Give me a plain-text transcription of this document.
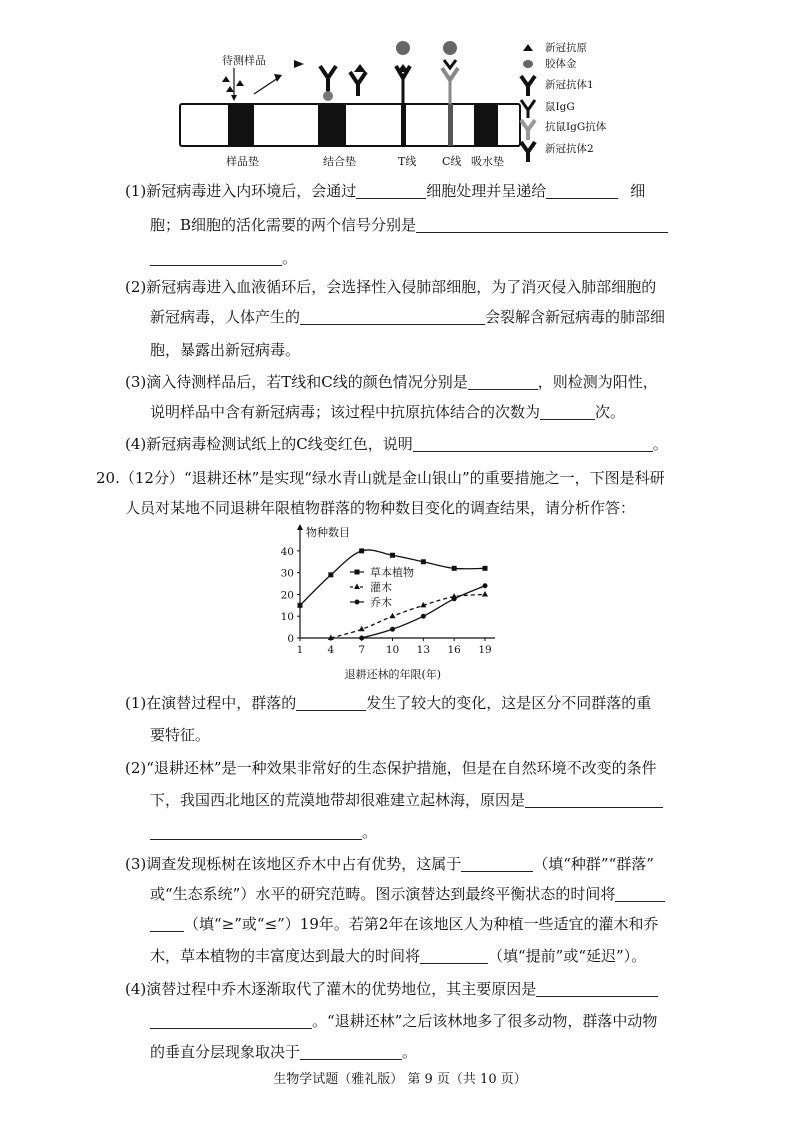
待测样品
样品垫	结合垫	T线 C线 吸水垫
新冠抗原
胶体金
新冠抗体1
鼠IgG
抗鼠IgG抗体
新冠抗体2
(1)新冠病毒进入内环境后，会通过	细胞处理并呈递给	细
胞；B细胞的活化需要的两个信号分别是
。
(2)新冠病毒进入血液循环后，会选择性入侵肺部细胞，为了消灭侵入肺部细胞的
新冠病毒，人体产生的	会裂解含新冠病毒的肺部细
胞，暴露出新冠病毒。
(3)滴入待测样品后，若T线和C线的颜色情况分别是	，则检测为阳性，
说明样品中含有新冠病毒；该过程中抗原抗体结合的次数为	次。
(4)新冠病毒检测试纸上的C线变红色，说明	。
20.（12分）“退耕还林”是实现“绿水青山就是金山银山”的重要措施之一，下图是科研
人员对某地不同退耕年限植物群落的物种数目变化的调查结果，请分析作答：
物种数目
退耕还林的年限(年)
1 4 7 10 13 16 19
0
10
20
30
40
草本植物
灌木
乔木
(1)在演替过程中，群落的	发生了较大的变化，这是区分不同群落的重
要特征。
(2)“退耕还林”是一种效果非常好的生态保护措施，但是在自然环境不改变的条件
下，我国西北地区的荒漠地带却很难建立起林海，原因是
。
(3)调查发现栎树在该地区乔木中占有优势，这属于	（填“种群”“群落”
或“生态系统”）水平的研究范畴。图示演替达到最终平衡状态的时间将
（填“≥”或“≤”）19年。若第2年在该地区人为种植一些适宜的灌木和乔
木，草本植物的丰富度达到最大的时间将	（填“提前”或“延迟”）。
(4)演替过程中乔木逐渐取代了灌木的优势地位，其主要原因是
。“退耕还林”之后该林地多了很多动物，群落中动物
的垂直分层现象取决于	。
生物学试题（雅礼版） 第 9 页（共 10 页）
